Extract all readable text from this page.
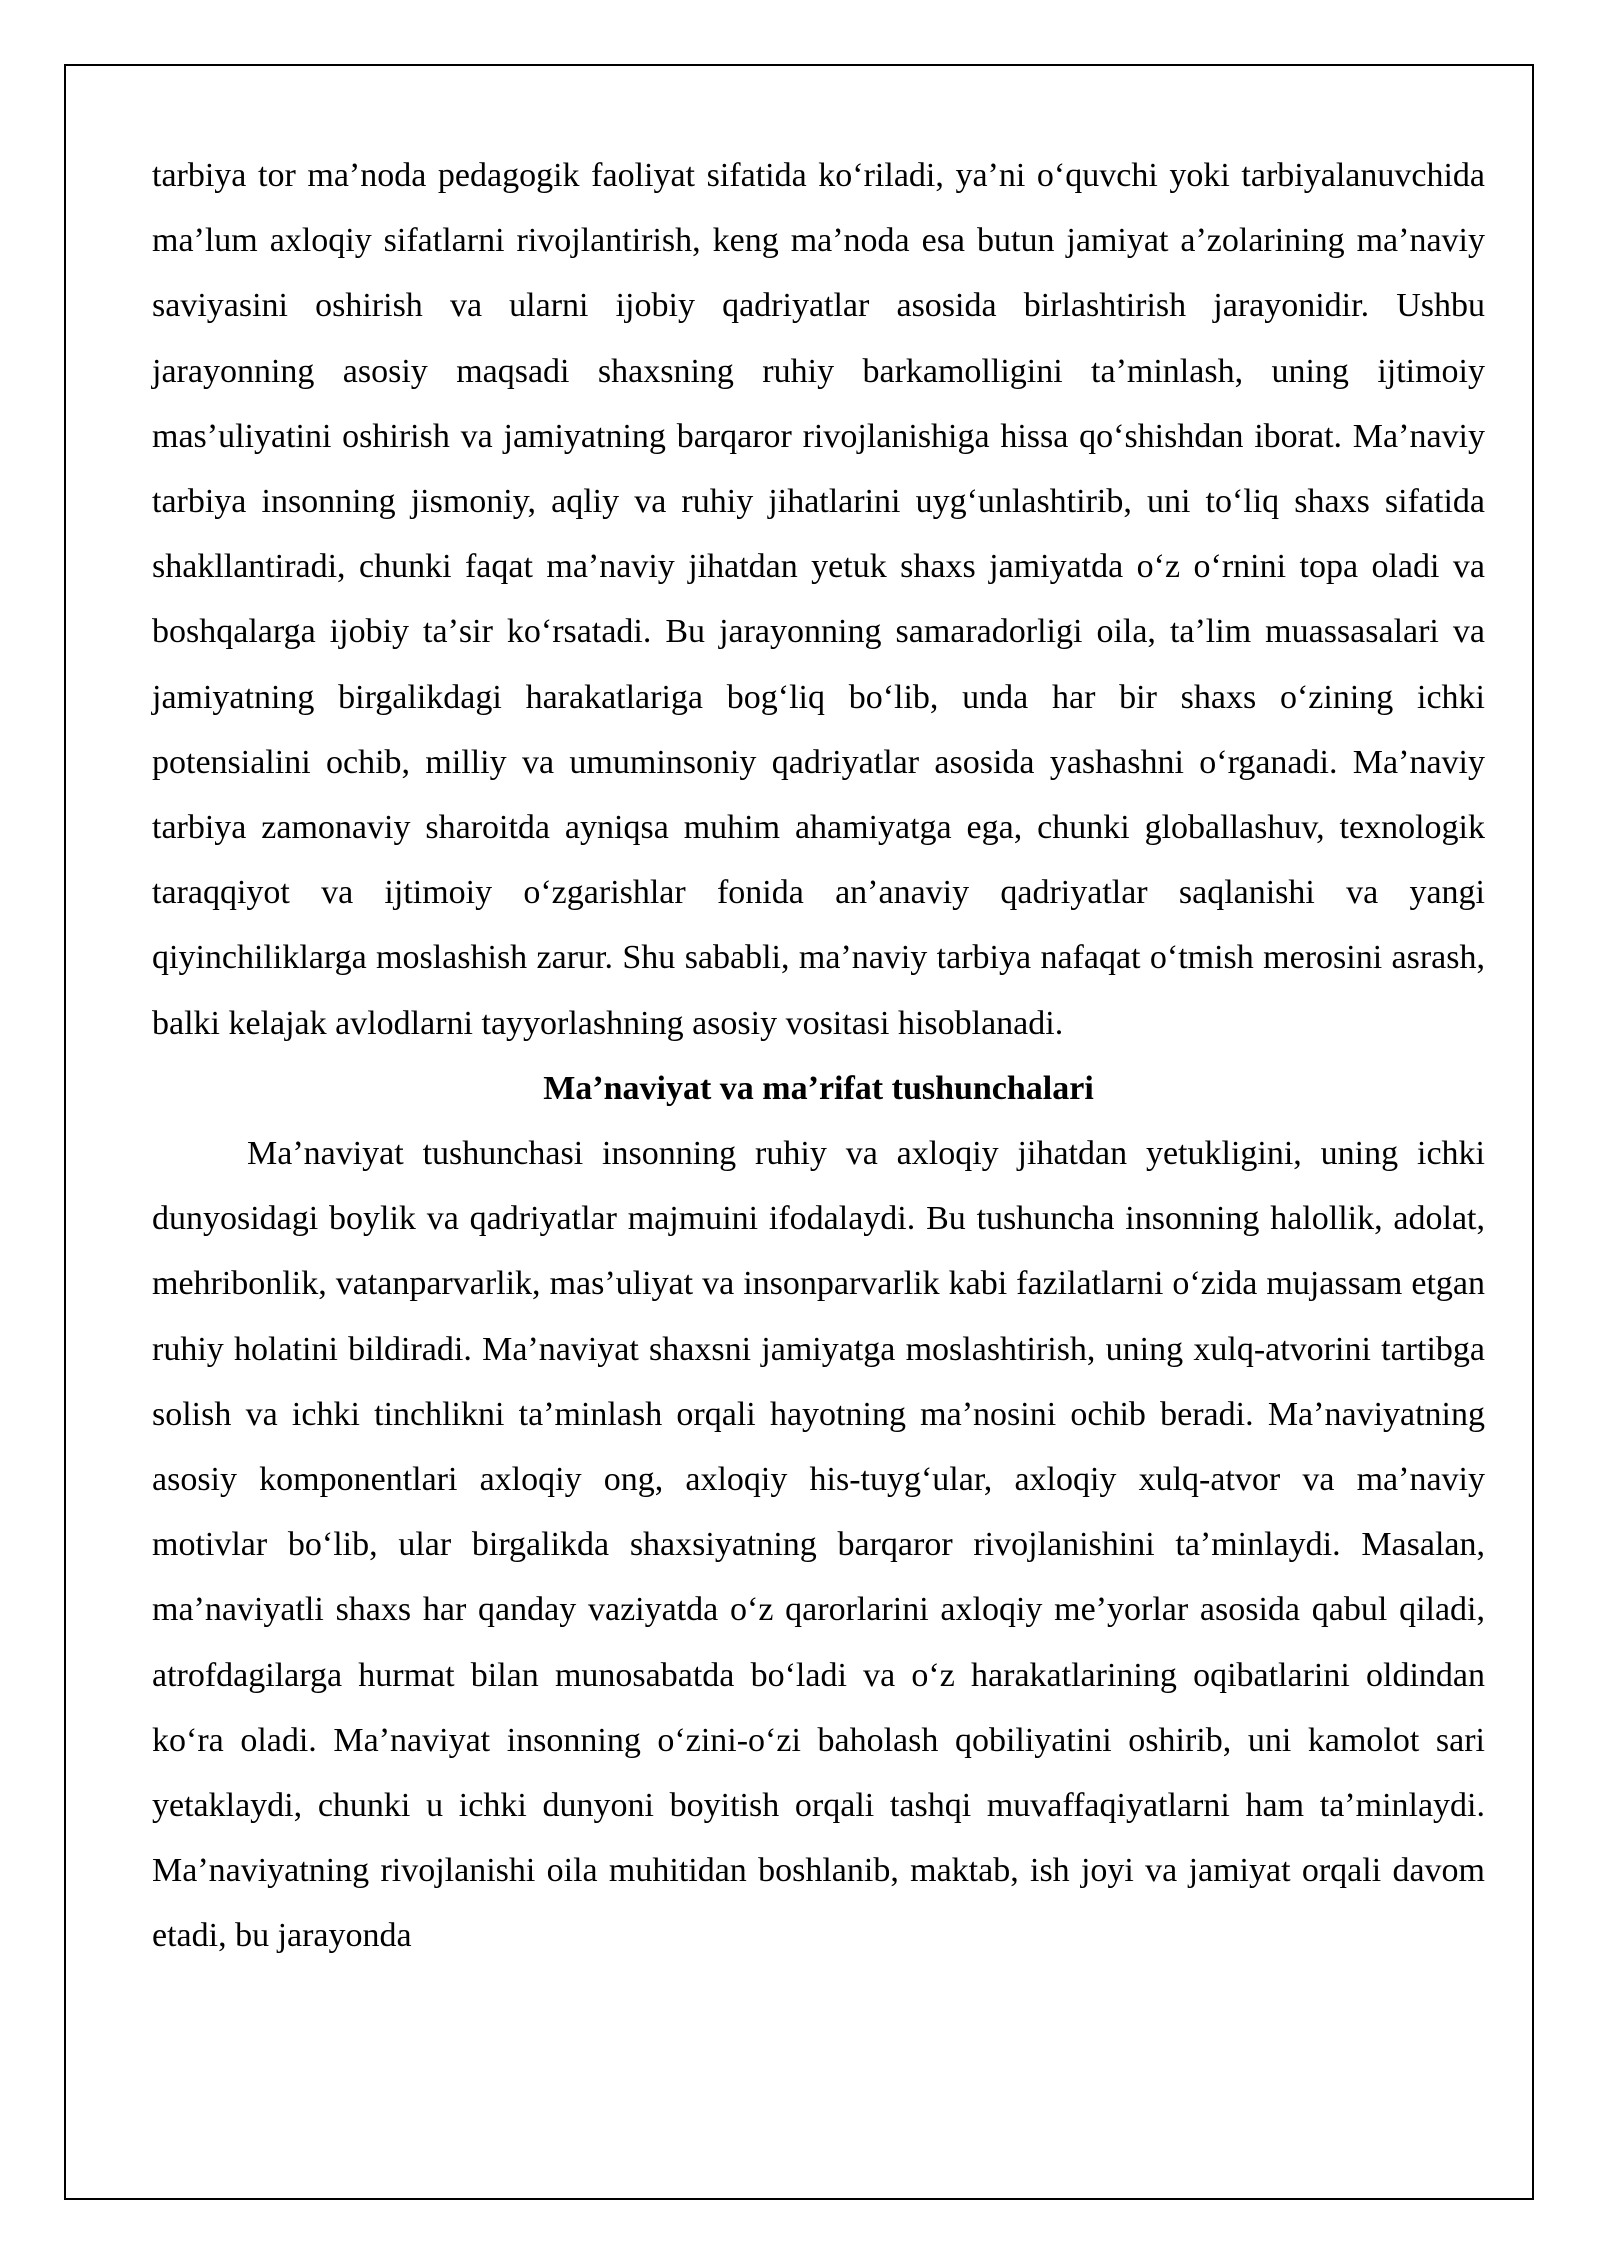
tarbiya tor maʼnoda pedagogik faoliyat sifatida koʻriladi, yaʼni oʻquvchi yoki tarbiyalanuvchida maʼlum axloqiy sifatlarni rivojlantirish, keng maʼnoda esa butun jamiyat aʼzolarining maʼnaviy saviyasini oshirish va ularni ijobiy qadriyatlar asosida birlashtirish jarayonidir. Ushbu jarayonning asosiy maqsadi shaxsning ruhiy barkamolligini taʼminlash, uning ijtimoiy masʼuliyatini oshirish va jamiyatning barqaror rivojlanishiga hissa qoʻshishdan iborat. Maʼnaviy tarbiya insonning jismoniy, aqliy va ruhiy jihatlarini uygʻunlashtirib, uni toʻliq shaxs sifatida shakllantiradi, chunki faqat maʼnaviy jihatdan yetuk shaxs jamiyatda oʻz oʻrnini topa oladi va boshqalarga ijobiy taʼsir koʻrsatadi. Bu jarayonning samaradorligi oila, taʼlim muassasalari va jamiyatning birgalikdagi harakatlariga bogʻliq boʻlib, unda har bir shaxs oʻzining ichki potensialini ochib, milliy va umuminsoniy qadriyatlar asosida yashashni oʻrganadi. Maʼnaviy tarbiya zamonaviy sharoitda ayniqsa muhim ahamiyatga ega, chunki globallashuv, texnologik taraqqiyot va ijtimoiy oʻzgarishlar fonida anʼanaviy qadriyatlar saqlanishi va yangi qiyinchiliklarga moslashish zarur. Shu sababli, maʼnaviy tarbiya nafaqat oʻtmish merosini asrash, balki kelajak avlodlarni tayyorlashning asosiy vositasi hisoblanadi.

Maʼnaviyat va maʼrifat tushunchalari

Maʼnaviyat tushunchasi insonning ruhiy va axloqiy jihatdan yetukligini, uning ichki dunyosidagi boylik va qadriyatlar majmuini ifodalaydi. Bu tushuncha insonning halollik, adolat, mehribonlik, vatanparvarlik, masʼuliyat va insonparvarlik kabi fazilatlarni oʻzida mujassam etgan ruhiy holatini bildiradi. Maʼnaviyat shaxsni jamiyatga moslashtirish, uning xulq-atvorini tartibga solish va ichki tinchlikni taʼminlash orqali hayotning maʼnosini ochib beradi. Maʼnaviyatning asosiy komponentlari axloqiy ong, axloqiy his-tuygʻular, axloqiy xulq-atvor va maʼnaviy motivlar boʻlib, ular birgalikda shaxsiyatning barqaror rivojlanishini taʼminlaydi. Masalan, maʼnaviyatli shaxs har qanday vaziyatda oʻz qarorlarini axloqiy meʼyorlar asosida qabul qiladi, atrofdagilarga hurmat bilan munosabatda boʻladi va oʻz harakatlarining oqibatlarini oldindan koʻra oladi. Maʼnaviyat insonning oʻzini-oʻzi baholash qobiliyatini oshirib, uni kamolot sari yetaklaydi, chunki u ichki dunyoni boyitish orqali tashqi muvaffaqiyatlarni ham taʼminlaydi. Maʼnaviyatning rivojlanishi oila muhitidan boshlanib, maktab, ish joyi va jamiyat orqali davom etadi, bu jarayonda
